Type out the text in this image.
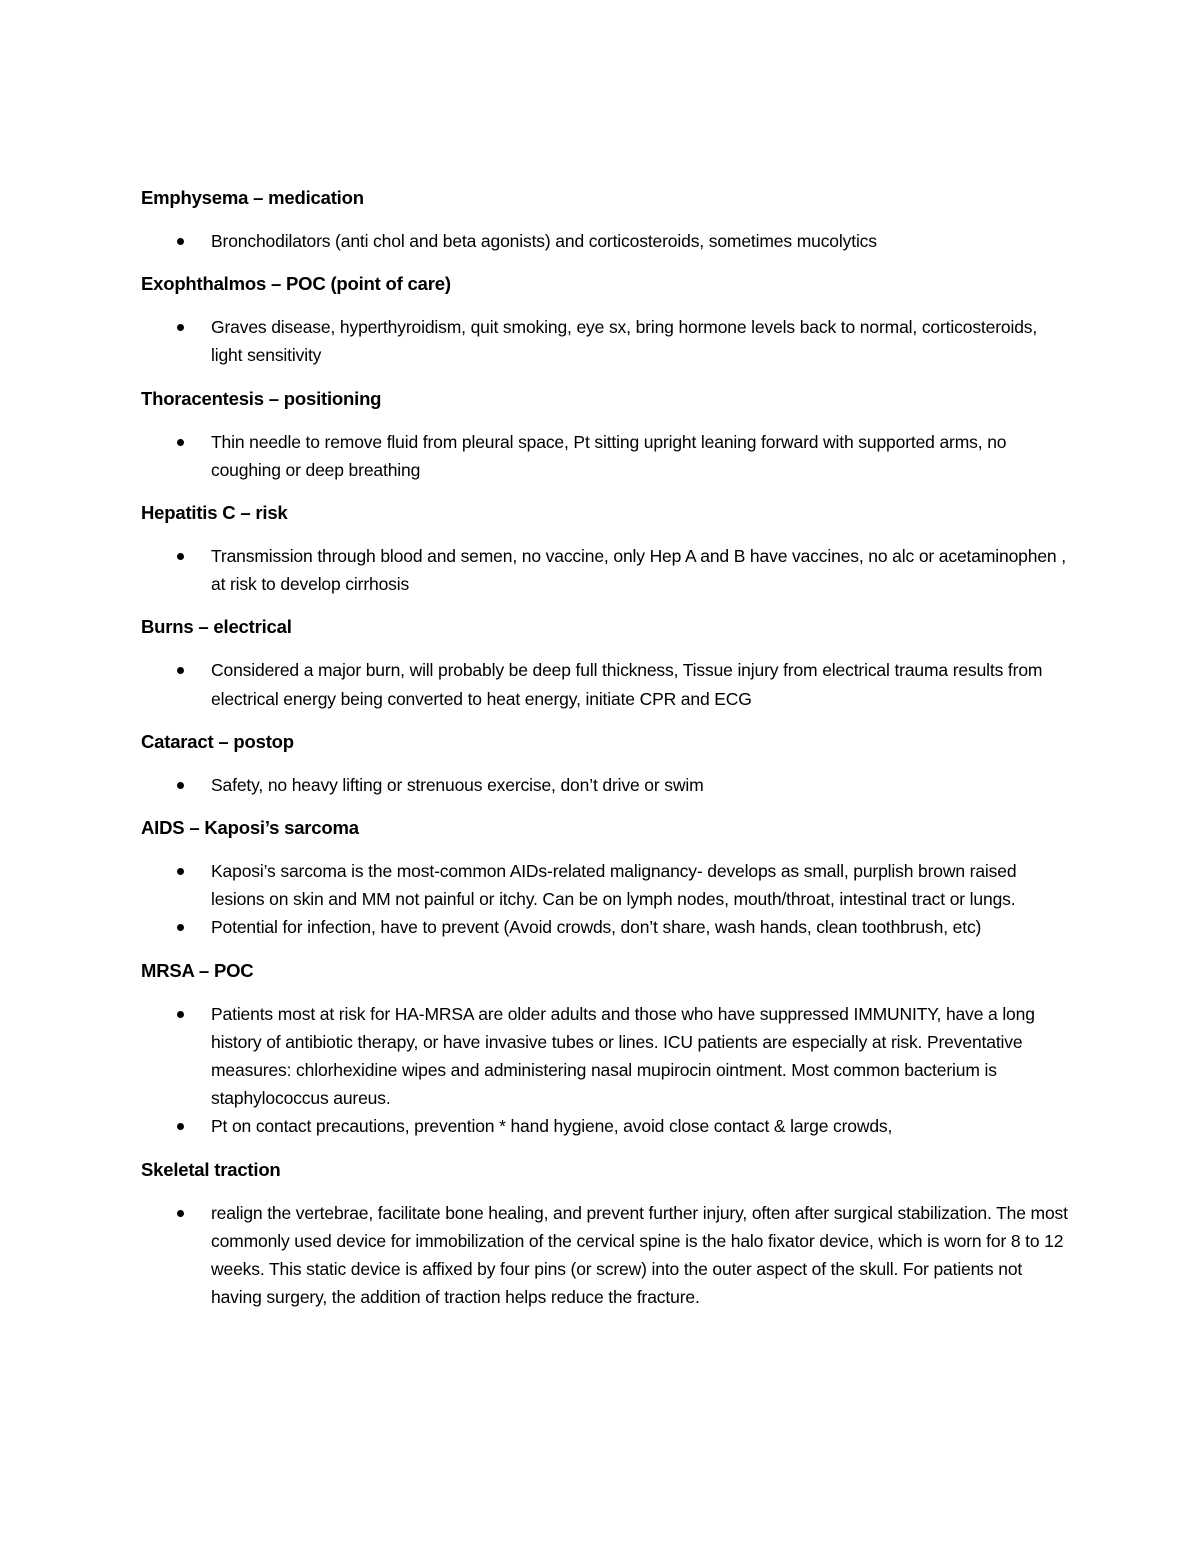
Emphysema – medication
Bronchodilators (anti chol and beta agonists) and corticosteroids, sometimes mucolytics
Exophthalmos – POC (point of care)
Graves disease, hyperthyroidism, quit smoking, eye sx, bring hormone levels back to normal, corticosteroids, light sensitivity
Thoracentesis – positioning
Thin needle to remove fluid from pleural space, Pt sitting upright leaning forward with supported arms, no coughing or deep breathing
Hepatitis C – risk
Transmission through blood and semen, no vaccine, only Hep A and B have vaccines, no alc or acetaminophen , at risk to develop cirrhosis
Burns – electrical
Considered a major burn, will probably be deep full thickness, Tissue injury from electrical trauma results from electrical energy being converted to heat energy, initiate CPR and ECG
Cataract – postop
Safety, no heavy lifting or strenuous exercise, don’t drive or swim
AIDS – Kaposi’s sarcoma
Kaposi’s sarcoma is the most-common AIDs-related malignancy- develops as small, purplish brown raised lesions on skin and MM not painful or itchy. Can be on lymph nodes, mouth/throat, intestinal tract or lungs.
Potential for infection, have to prevent (Avoid crowds, don’t share, wash hands, clean toothbrush, etc)
MRSA – POC
Patients most at risk for HA-MRSA are older adults and those who have suppressed IMMUNITY, have a long history of antibiotic therapy, or have invasive tubes or lines. ICU patients are especially at risk. Preventative measures: chlorhexidine wipes and administering nasal mupirocin ointment. Most common bacterium is staphylococcus aureus.
Pt on contact precautions, prevention * hand hygiene, avoid close contact & large crowds,
Skeletal traction
realign the vertebrae, facilitate bone healing, and prevent further injury, often after surgical stabilization. The most commonly used device for immobilization of the cervical spine is the halo fixator device, which is worn for 8 to 12 weeks. This static device is affixed by four pins (or screw) into the outer aspect of the skull. For patients not having surgery, the addition of traction helps reduce the fracture.
